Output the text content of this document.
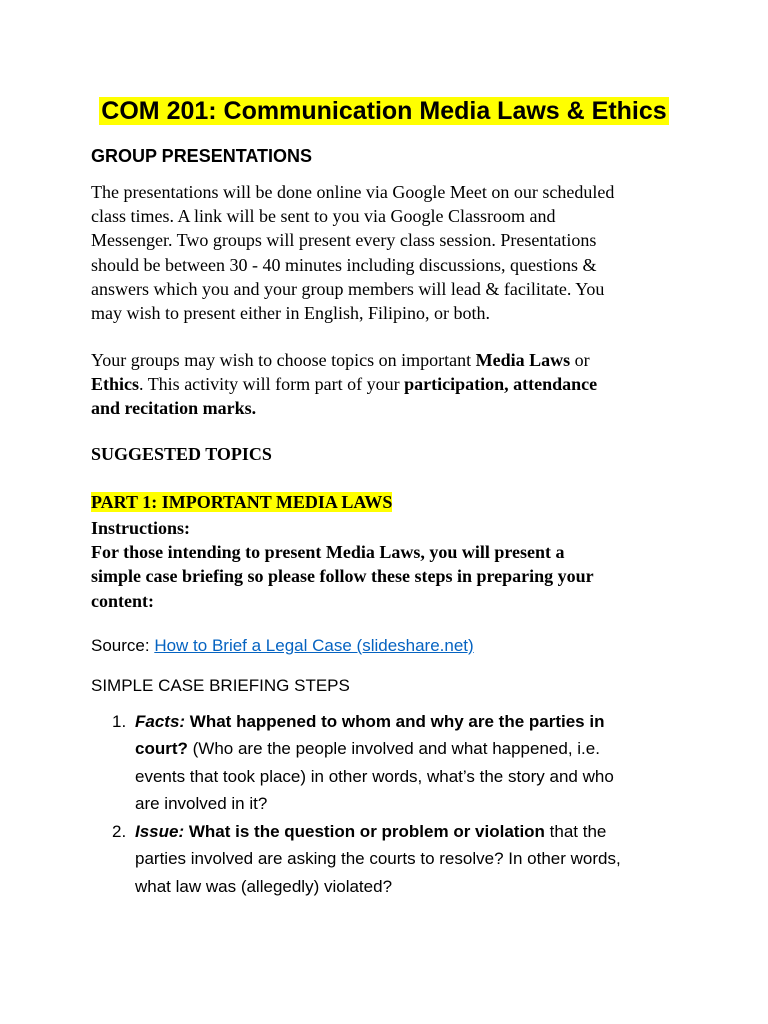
COM 201: Communication Media Laws & Ethics
GROUP PRESENTATIONS
The presentations will be done online via Google Meet on our scheduled
class times. A link will be sent to you via Google Classroom and
Messenger. Two groups will present every class session. Presentations
should be between 30 - 40 minutes including discussions, questions &
answers which you and your group members will lead & facilitate. You
may wish to present either in English, Filipino, or both.
Your groups may wish to choose topics on important Media Laws or
Ethics. This activity will form part of your participation, attendance
and recitation marks.
SUGGESTED TOPICS
PART 1: IMPORTANT MEDIA LAWS
Instructions:
For those intending to present Media Laws, you will present a
simple case briefing so please follow these steps in preparing your
content:
Source: How to Brief a Legal Case (slideshare.net)
SIMPLE CASE BRIEFING STEPS
1. Facts: What happened to whom and why are the parties in
court? (Who are the people involved and what happened, i.e.
events that took place) in other words, what’s the story and who
are involved in it?
2. Issue: What is the question or problem or violation that the
parties involved are asking the courts to resolve? In other words,
what law was (allegedly) violated?
